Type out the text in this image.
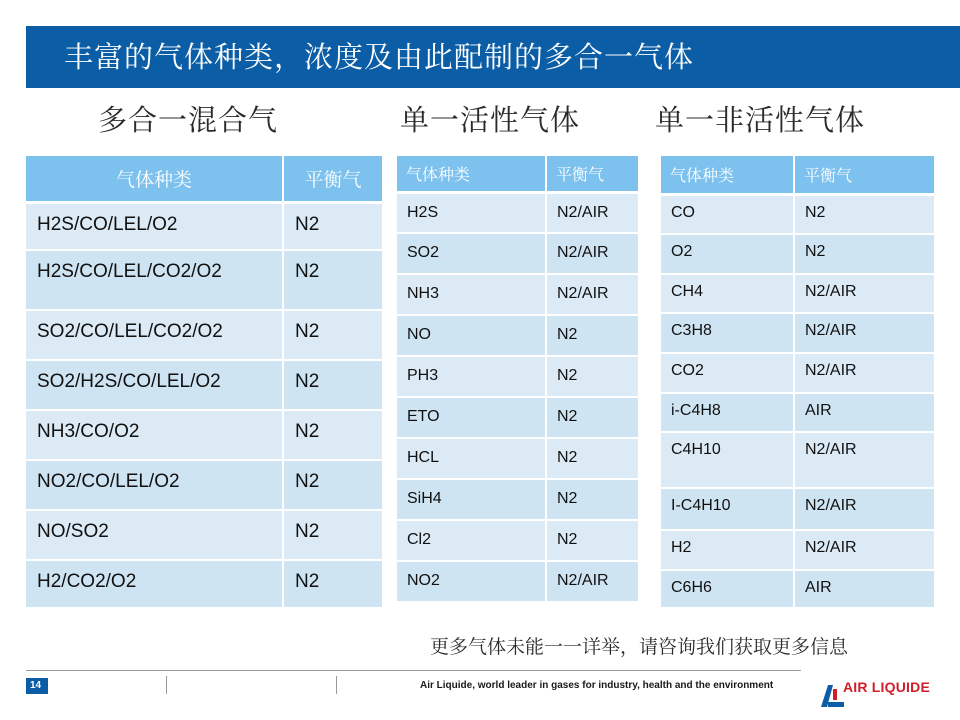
丰富的气体种类，浓度及由此配制的多合一气体
多合一混合气	单一活性气体	单一非活性气体
气体种类	平衡气
H2S/CO/LEL/O2	N2
H2S/CO/LEL/CO2/O2	N2
SO2/CO/LEL/CO2/O2	N2
SO2/H2S/CO/LEL/O2	N2
NH3/CO/O2	N2
NO2/CO/LEL/O2	N2
NO/SO2	N2
H2/CO2/O2	N2
气体种类	平衡气
H2S	N2/AIR
SO2	N2/AIR
NH3	N2/AIR
NO	N2
PH3	N2
ETO	N2
HCL	N2
SiH4	N2
Cl2	N2
NO2	N2/AIR
气体种类	平衡气
CO	N2
O2	N2
CH4	N2/AIR
C3H8	N2/AIR
CO2	N2/AIR
i-C4H8	AIR
C4H10	N2/AIR
I-C4H10	N2/AIR
H2	N2/AIR
C6H6	AIR
更多气体未能一一详举，请咨询我们获取更多信息
14	Air Liquide, world leader in gases for industry, health and the environment	AIR LIQUIDE
